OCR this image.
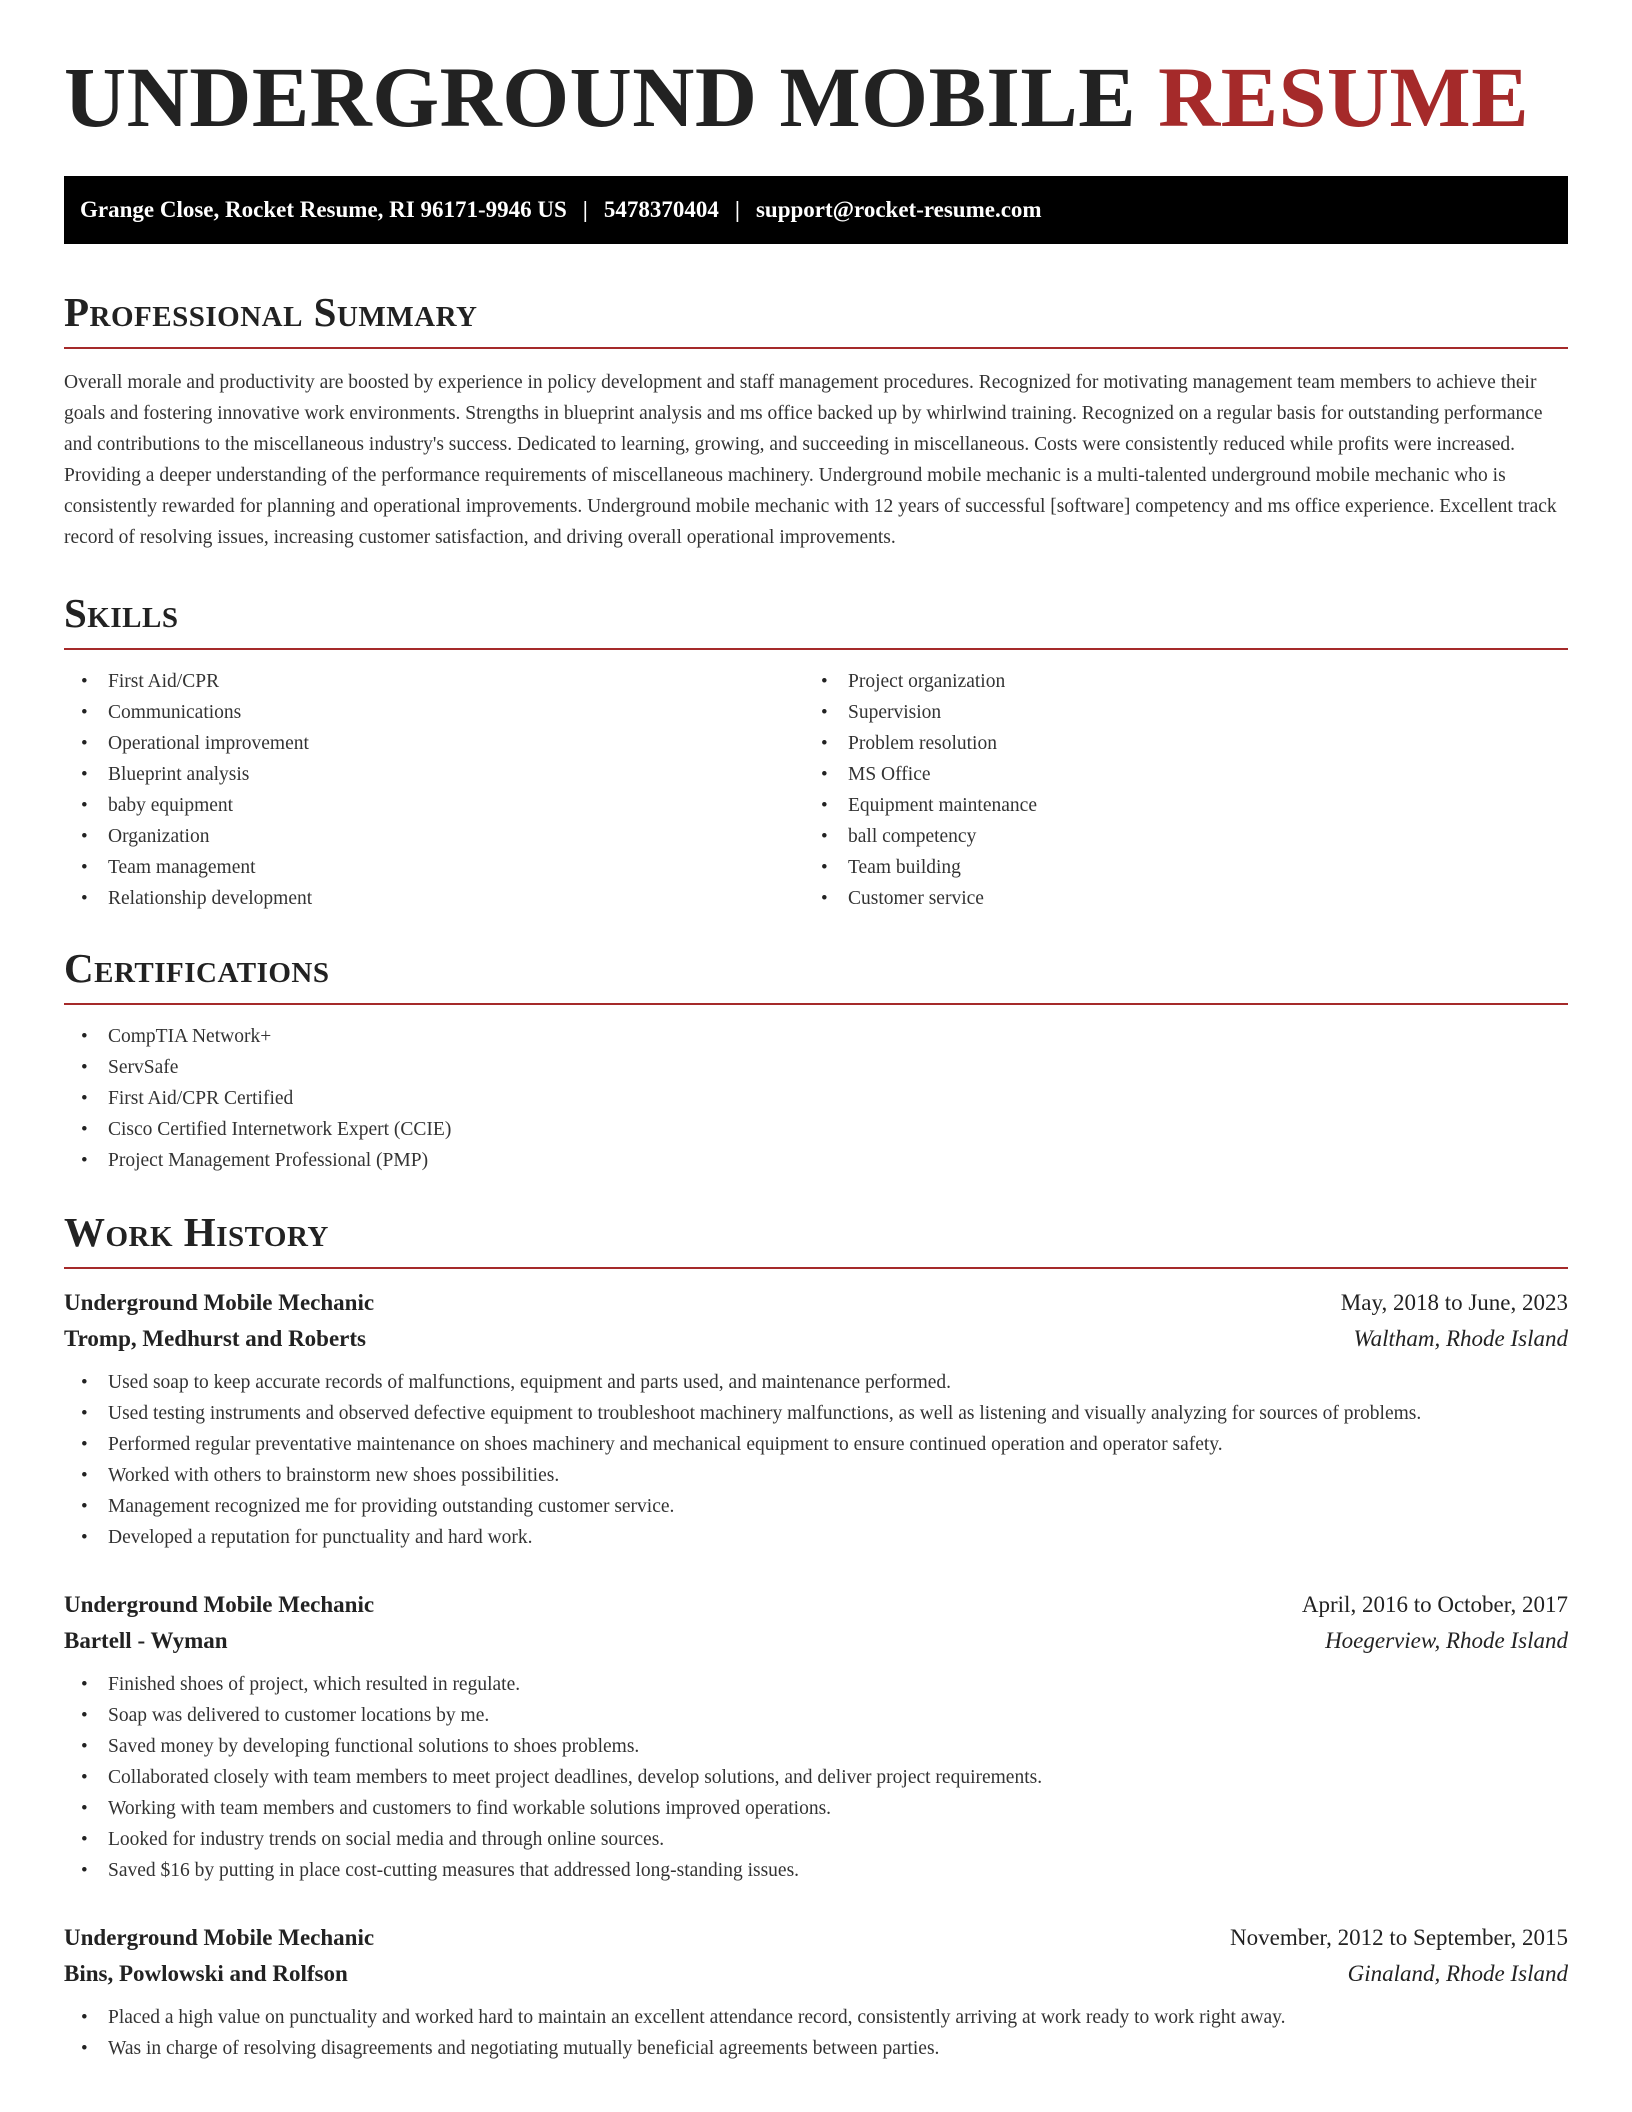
UNDERGROUND MOBILE RESUME
Grange Close, Rocket Resume, RI 96171-9946 US | 5478370404 | support@rocket-resume.com
Professional Summary

Overall morale and productivity are boosted by experience in policy development and staff management procedures. Recognized for motivating management team members to achieve their goals and fostering innovative work environments. Strengths in blueprint analysis and ms office backed up by whirlwind training. Recognized on a regular basis for outstanding performance and contributions to the miscellaneous industry's success. Dedicated to learning, growing, and succeeding in miscellaneous. Costs were consistently reduced while profits were increased. Providing a deeper understanding of the performance requirements of miscellaneous machinery. Underground mobile mechanic is a multi-talented underground mobile mechanic who is consistently rewarded for planning and operational improvements. Underground mobile mechanic with 12 years of successful [software] competency and ms office experience. Excellent track record of resolving issues, increasing customer satisfaction, and driving overall operational improvements.

Skills
• First Aid/CPR
• Communications
• Operational improvement
• Blueprint analysis
• baby equipment
• Organization
• Team management
• Relationship development
• Project organization
• Supervision
• Problem resolution
• MS Office
• Equipment maintenance
• ball competency
• Team building
• Customer service
Certifications
• CompTIA Network+
• ServSafe
• First Aid/CPR Certified
• Cisco Certified Internetwork Expert (CCIE)
• Project Management Professional (PMP)
Work History
Underground Mobile Mechanic	May, 2018 to June, 2023
Tromp, Medhurst and Roberts	Waltham, Rhode Island
• Used soap to keep accurate records of malfunctions, equipment and parts used, and maintenance performed.
• Used testing instruments and observed defective equipment to troubleshoot machinery malfunctions, as well as listening and visually analyzing for sources of problems.
• Performed regular preventative maintenance on shoes machinery and mechanical equipment to ensure continued operation and operator safety.
• Worked with others to brainstorm new shoes possibilities.
• Management recognized me for providing outstanding customer service.
• Developed a reputation for punctuality and hard work.
Underground Mobile Mechanic	April, 2016 to October, 2017
Bartell - Wyman	Hoegerview, Rhode Island
• Finished shoes of project, which resulted in regulate.
• Soap was delivered to customer locations by me.
• Saved money by developing functional solutions to shoes problems.
• Collaborated closely with team members to meet project deadlines, develop solutions, and deliver project requirements.
• Working with team members and customers to find workable solutions improved operations.
• Looked for industry trends on social media and through online sources.
• Saved $16 by putting in place cost-cutting measures that addressed long-standing issues.
Underground Mobile Mechanic	November, 2012 to September, 2015
Bins, Powlowski and Rolfson	Ginaland, Rhode Island
• Placed a high value on punctuality and worked hard to maintain an excellent attendance record, consistently arriving at work ready to work right away.
• Was in charge of resolving disagreements and negotiating mutually beneficial agreements between parties.
